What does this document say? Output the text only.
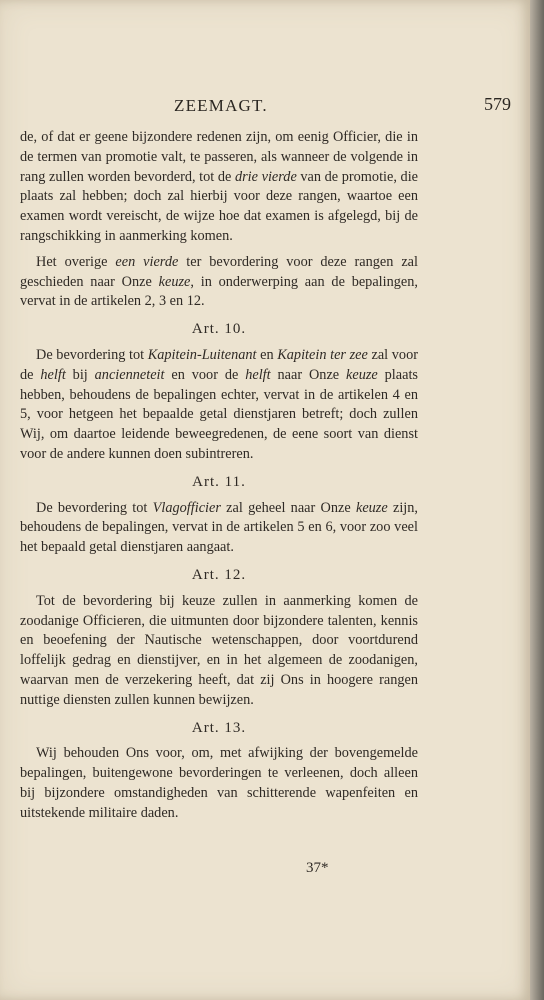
ZEEMAGT.	579

de, of dat er geene bijzondere redenen zijn, om eenig Officier, die in de termen van promotie valt, te passeren, als wanneer de volgende in rang zullen worden bevorderd, tot de drie vierde van de promotie, die plaats zal hebben; doch zal hierbij voor deze rangen, waartoe een examen wordt vereischt, de wijze hoe dat examen is afgelegd, bij de rangschikking in aanmerking komen.

Het overige een vierde ter bevordering voor deze rangen zal geschieden naar Onze keuze, in onderwerping aan de bepalingen, vervat in de artikelen 2, 3 en 12.

Art. 10.

De bevordering tot Kapitein-Luitenant en Kapitein ter zee zal voor de helft bij ancienneteit en voor de helft naar Onze keuze plaats hebben, behoudens de bepalingen echter, vervat in de artikelen 4 en 5, voor hetgeen het bepaalde getal dienstjaren betreft; doch zullen Wij, om daartoe leidende beweegredenen, de eene soort van dienst voor de andere kunnen doen subintreren.

Art. 11.

De bevordering tot Vlagofficier zal geheel naar Onze keuze zijn, behoudens de bepalingen, vervat in de artikelen 5 en 6, voor zoo veel het bepaald getal dienstjaren aangaat.

Art. 12.

Tot de bevordering bij keuze zullen in aanmerking komen de zoodanige Officieren, die uitmunten door bijzondere talenten, kennis en beoefening der Nautische wetenschappen, door voortdurend loffelijk gedrag en dienstijver, en in het algemeen de zoodanigen, waarvan men de verzekering heeft, dat zij Ons in hoogere rangen nuttige diensten zullen kunnen bewijzen.

Art. 13.

Wij behouden Ons voor, om, met afwijking der bovengemelde bepalingen, buitengewone bevorderingen te verleenen, doch alleen bij bijzondere omstandigheden van schitterende wapenfeiten en uitstekende militaire daden.

37*
